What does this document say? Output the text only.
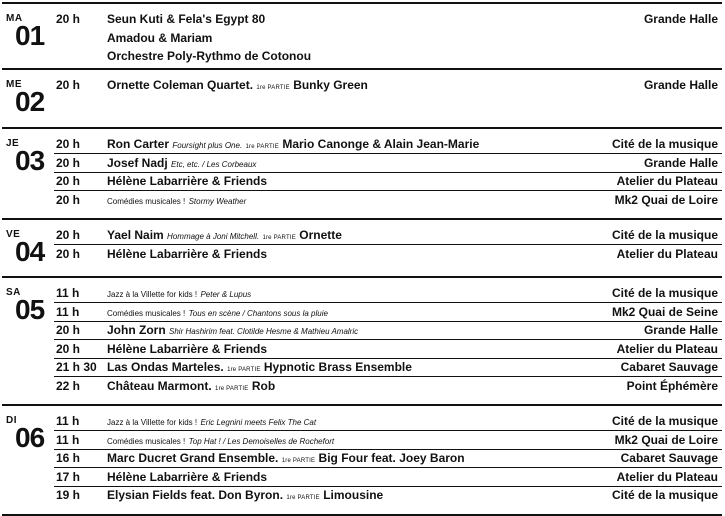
MA
01
20 h Seun Kuti & Fela's Egypt 80	Grande Halle
Amadou & Mariam
Orchestre Poly-Rythmo de Cotonou
ME
02
20 h Ornette Coleman Quartet. 1re PARTIE Bunky Green	Grande Halle
JE
03
20 h Ron Carter Foursight plus One. 1re PARTIE Mario Canonge & Alain Jean-Marie	Cité de la musique
20 h Josef Nadj Etc, etc. / Les Corbeaux	Grande Halle
20 h Hélène Labarrière & Friends	Atelier du Plateau
20 h	Comédies musicales ! Stormy Weather	Mk2 Quai de Loire
VE
04
20 h Yael Naim Hommage à Joni Mitchell. 1re PARTIE Ornette	Cité de la musique
20 h Hélène Labarrière & Friends	Atelier du Plateau
SA
05
11 h	Jazz à la Villette for kids ! Peter & Lupus	Cité de la musique
11 h	Comédies musicales ! Tous en scène / Chantons sous la pluie	Mk2 Quai de Seine
20 h John Zorn Shir Hashirim feat. Clotilde Hesme & Mathieu Amalric	Grande Halle
20 h Hélène Labarrière & Friends	Atelier du Plateau
21 h 30 Las Ondas Marteles. 1re PARTIE Hypnotic Brass Ensemble	Cabaret Sauvage
22 h Château Marmont. 1re PARTIE Rob	Point Éphémère
DI
06
11 h	Jazz à la Villette for kids ! Eric Legnini meets Felix The Cat	Cité de la musique
11 h	Comédies musicales ! Top Hat ! / Les Demoiselles de Rochefort	Mk2 Quai de Loire
16 h Marc Ducret Grand Ensemble. 1re PARTIE Big Four feat. Joey Baron	Cabaret Sauvage
17 h Hélène Labarrière & Friends	Atelier du Plateau
19 h Elysian Fields feat. Don Byron. 1re PARTIE Limousine	Cité de la musique
